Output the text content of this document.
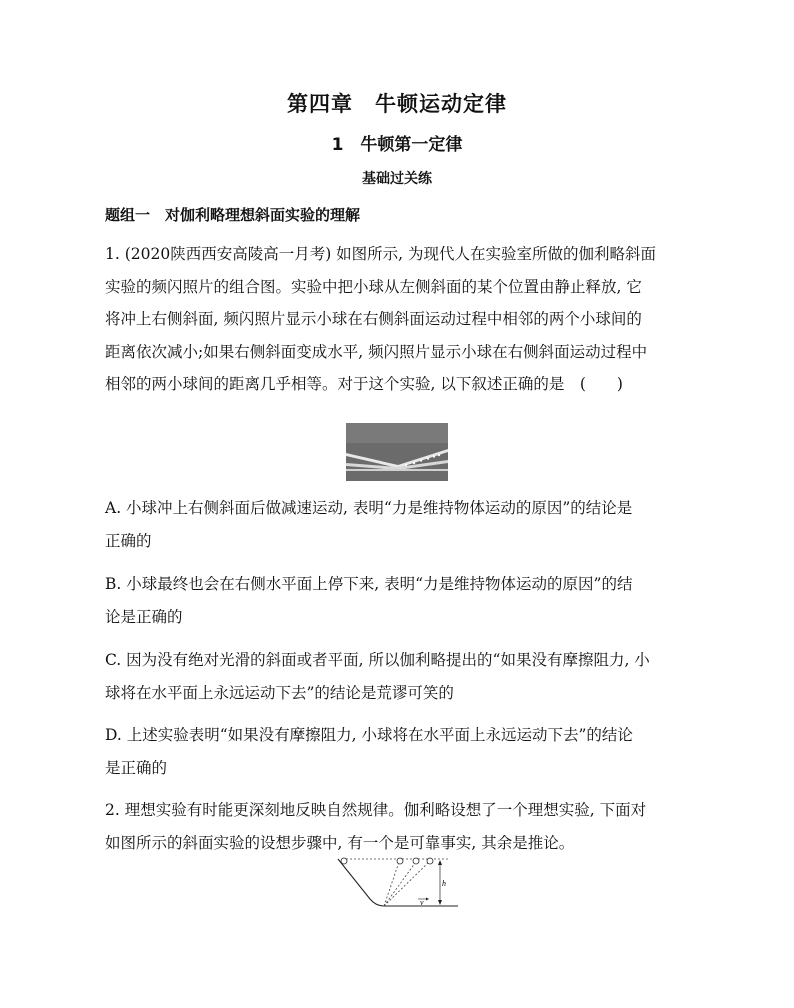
第四章　牛顿运动定律
1　牛顿第一定律
基础过关练
题组一　对伽利略理想斜面实验的理解
1. (2020陕西西安高陵高一月考) 如图所示, 为现代人在实验室所做的伽利略斜面
实验的频闪照片的组合图。实验中把小球从左侧斜面的某个位置由静止释放, 它
将冲上右侧斜面, 频闪照片显示小球在右侧斜面运动过程中相邻的两个小球间的
距离依次减小;如果右侧斜面变成水平, 频闪照片显示小球在右侧斜面运动过程中
相邻的两小球间的距离几乎相等。对于这个实验, 以下叙述正确的是　(　　)
A. 小球冲上右侧斜面后做减速运动, 表明“力是维持物体运动的原因”的结论是
正确的
B. 小球最终也会在右侧水平面上停下来, 表明“力是维持物体运动的原因”的结
论是正确的
C. 因为没有绝对光滑的斜面或者平面, 所以伽利略提出的“如果没有摩擦阻力, 小
球将在水平面上永远运动下去”的结论是荒谬可笑的
D. 上述实验表明“如果没有摩擦阻力, 小球将在水平面上永远运动下去”的结论
是正确的
2. 理想实验有时能更深刻地反映自然规律。伽利略设想了一个理想实验, 下面对
如图所示的斜面实验的设想步骤中, 有一个是可靠事实, 其余是推论。
h
v
